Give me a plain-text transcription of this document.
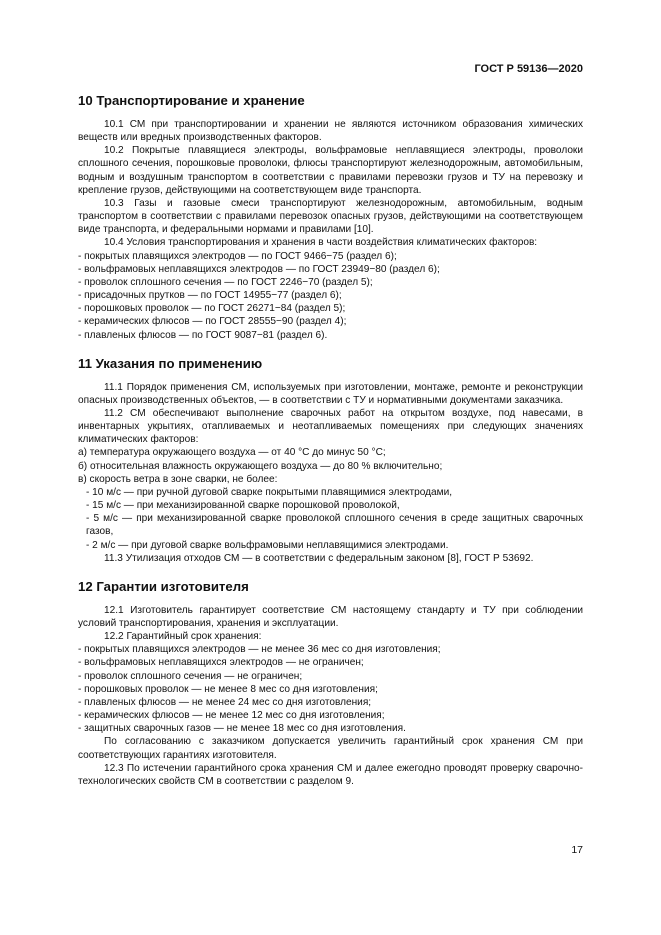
ГОСТ Р 59136—2020
10 Транспортирование и хранение

10.1 СМ при транспортировании и хранении не являются источником образования химических веществ или вредных производственных факторов.

10.2 Покрытые плавящиеся электроды, вольфрамовые неплавящиеся электроды, проволоки сплошного сечения, порошковые проволоки, флюсы транспортируют железнодорожным, автомобильным, водным и воздушным транспортом в соответствии с правилами перевозки грузов и ТУ на перевозку и крепление грузов, действующими на соответствующем виде транспорта.

10.3 Газы и газовые смеси транспортируют железнодорожным, автомобильным, водным транспортом в соответствии с правилами перевозок опасных грузов, действующими на соответствующем виде транспорта, и федеральными нормами и правилами [10].

10.4 Условия транспортирования и хранения в части воздействия климатических факторов:

- покрытых плавящихся электродов — по ГОСТ 9466−75 (раздел 6);

- вольфрамовых неплавящихся электродов — по ГОСТ 23949−80 (раздел 6);

- проволок сплошного сечения — по ГОСТ 2246−70 (раздел 5);

- присадочных прутков — по ГОСТ 14955−77 (раздел 6);

- порошковых проволок — по ГОСТ 26271−84 (раздел 5);

- керамических флюсов — по ГОСТ 28555−90 (раздел 4);

- плавленых флюсов — по ГОСТ 9087−81 (раздел 6).

11 Указания по применению

11.1 Порядок применения СМ, используемых при изготовлении, монтаже, ремонте и реконструкции опасных производственных объектов, — в соответствии с ТУ и нормативными документами заказчика.

11.2 СМ обеспечивают выполнение сварочных работ на открытом воздухе, под навесами, в инвентарных укрытиях, отапливаемых и неотапливаемых помещениях при следующих значениях климатических факторов:

а) температура окружающего воздуха — от 40 °С до минус 50 °С;

б) относительная влажность окружающего воздуха — до 80 % включительно;

в) скорость ветра в зоне сварки, не более:

- 10 м/с — при ручной дуговой сварке покрытыми плавящимися электродами,

- 15 м/с — при механизированной сварке порошковой проволокой,

- 5 м/с — при механизированной сварке проволокой сплошного сечения в среде защитных сварочных газов,

- 2 м/с — при дуговой сварке вольфрамовыми неплавящимися электродами.

11.3 Утилизация отходов СМ — в соответствии с федеральным законом [8], ГОСТ Р 53692.

12 Гарантии изготовителя

12.1 Изготовитель гарантирует соответствие СМ настоящему стандарту и ТУ при соблюдении условий транспортирования, хранения и эксплуатации.

12.2 Гарантийный срок хранения:

- покрытых плавящихся электродов — не менее 36 мес со дня изготовления;

- вольфрамовых неплавящихся электродов — не ограничен;

- проволок сплошного сечения — не ограничен;

- порошковых проволок — не менее 8 мес со дня изготовления;

- плавленых флюсов — не менее 24 мес со дня изготовления;

- керамических флюсов — не менее 12 мес со дня изготовления;

- защитных сварочных газов — не менее 18 мес со дня изготовления.

По согласованию с заказчиком допускается увеличить гарантийный срок хранения СМ при соответствующих гарантиях изготовителя.

12.3 По истечении гарантийного срока хранения СМ и далее ежегодно проводят проверку сварочно-технологических свойств СМ в соответствии с разделом 9.

17
